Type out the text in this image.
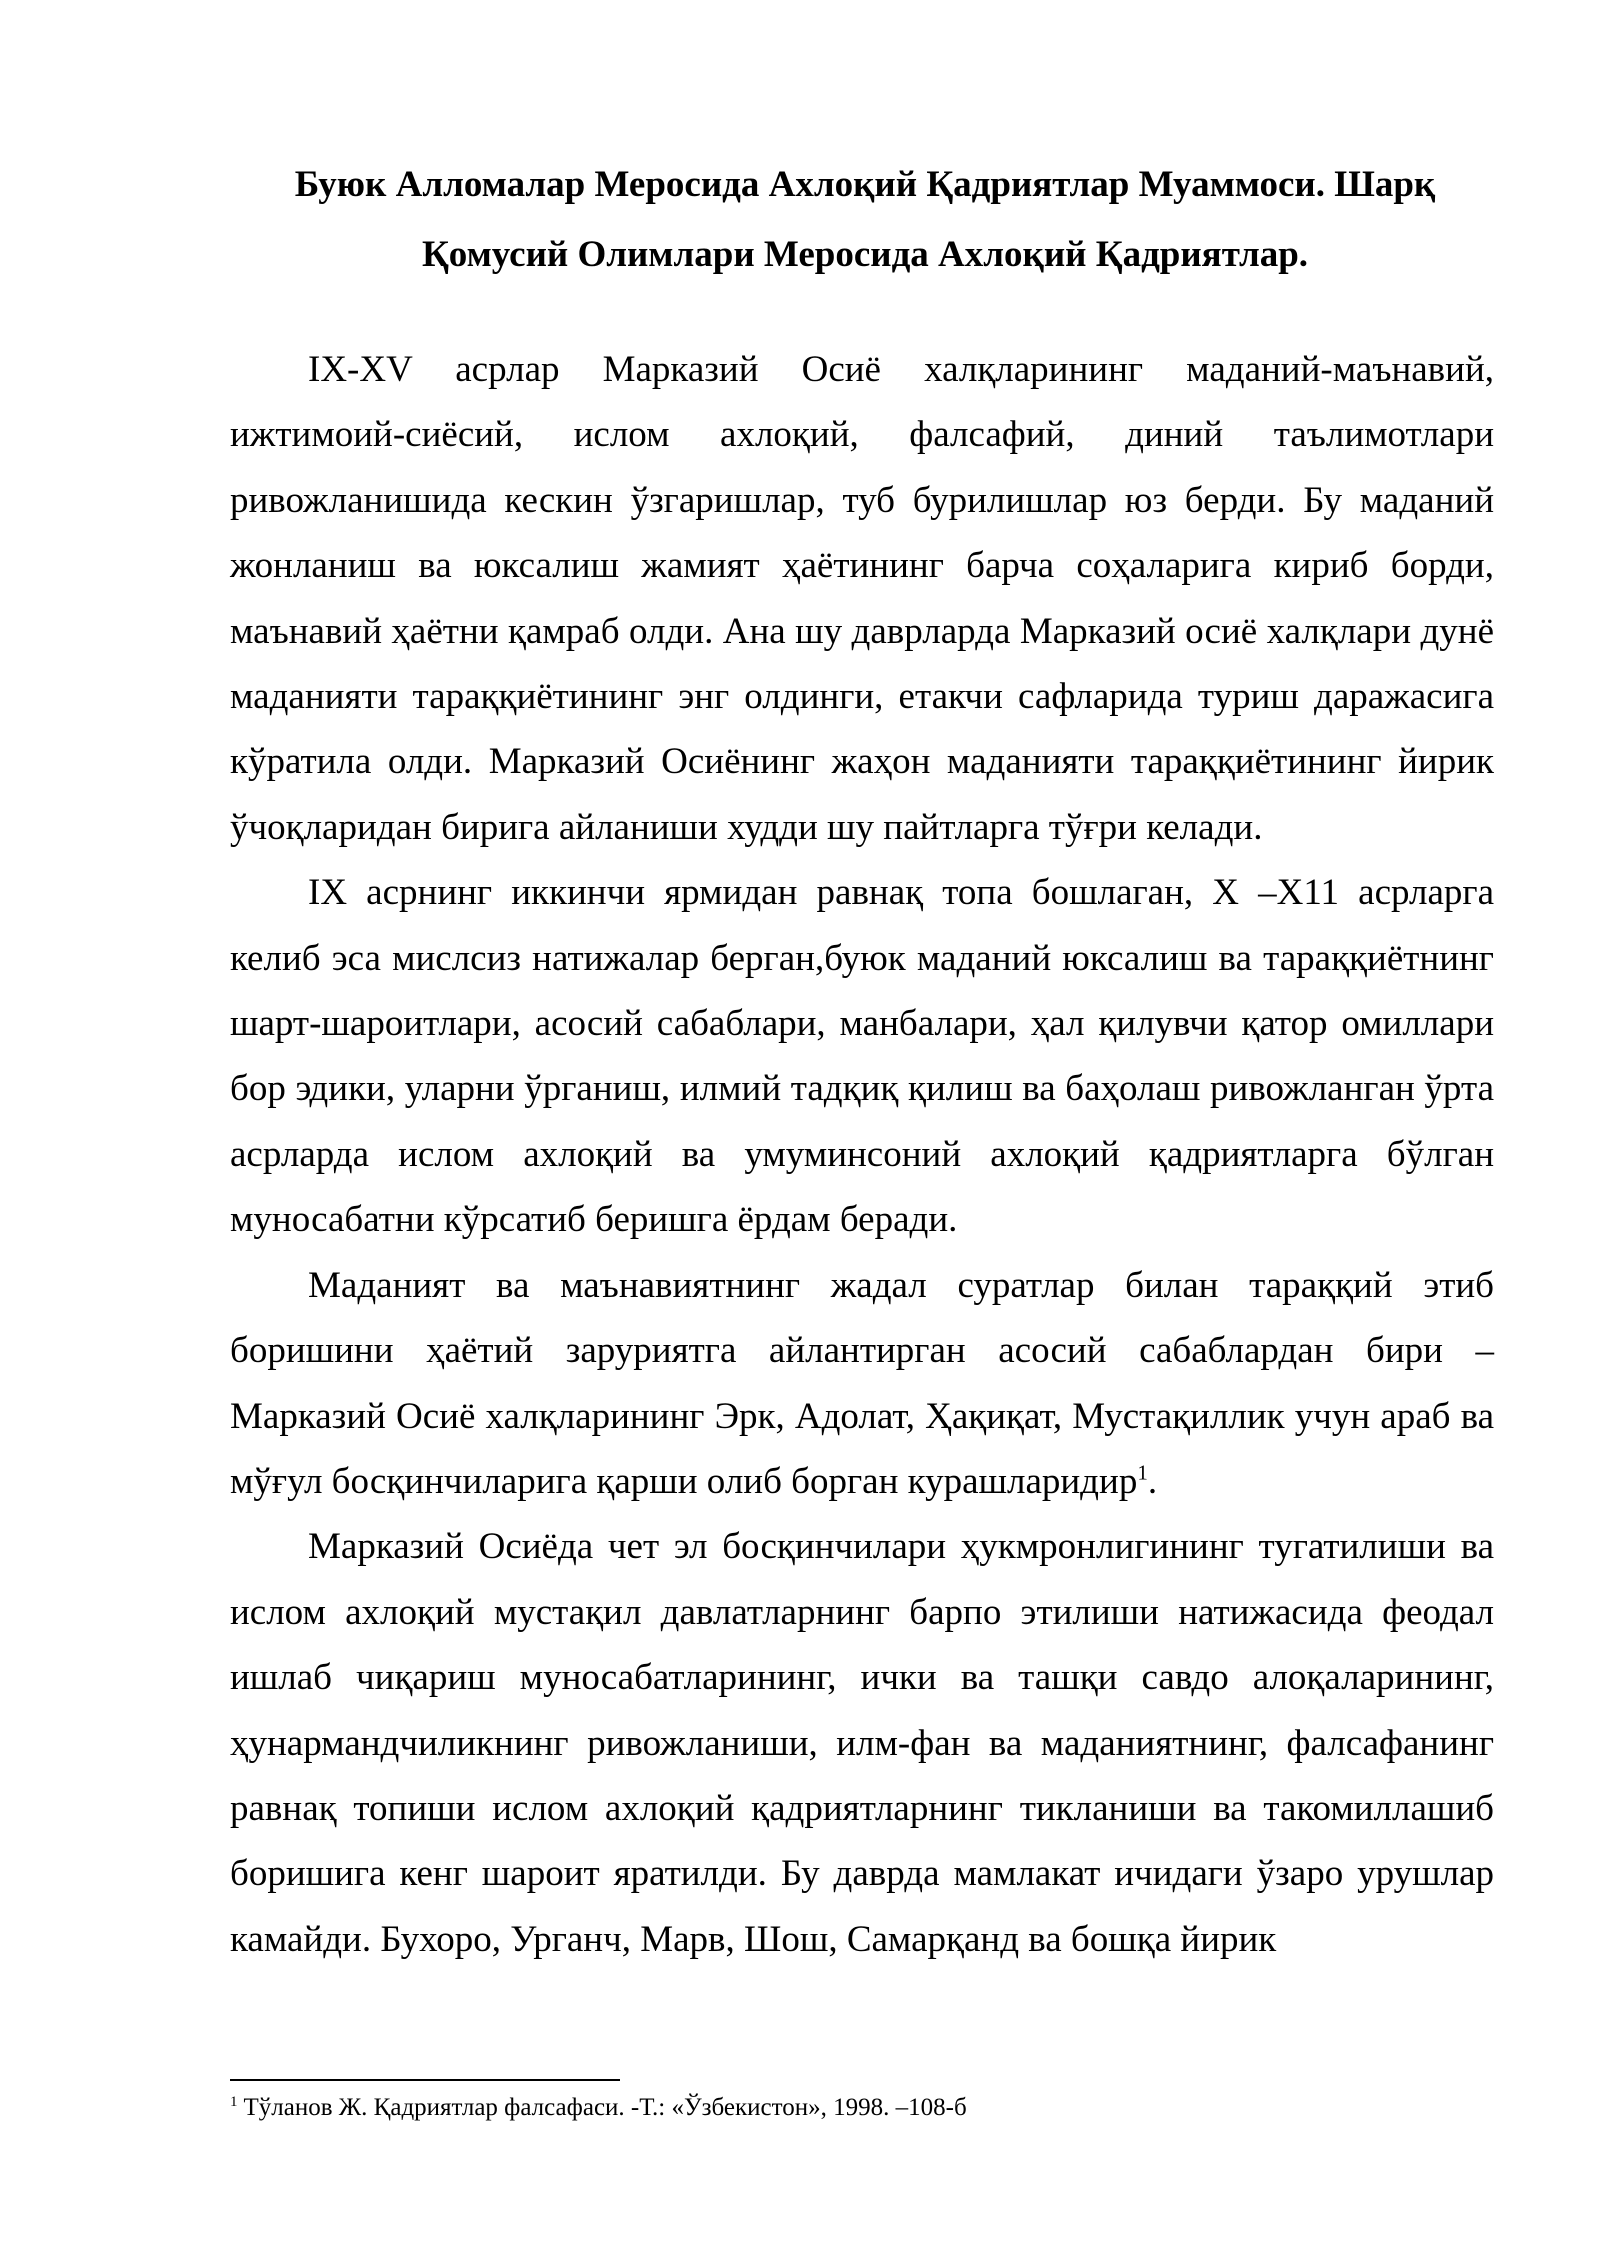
Буюк Алломалар Меросида Ахлоқий Қадриятлар Муаммоси. Шарқ
Қомусий Олимлари Меросида Ахлоқий Қадриятлар.

IX-XV асрлар Марказий Осиё халқларининг маданий-маънавий, ижтимоий-сиёсий, ислом ахлоқий, фалсафий, диний таълимотлари ривожланишида кескин ўзгаришлар, туб бурилишлар юз берди. Бу маданий жонланиш ва юксалиш жамият ҳаётининг барча соҳаларига кириб борди, маънавий ҳаётни қамраб олди. Ана шу даврларда Марказий осиё халқлари дунё маданияти тараққиётининг энг олдинги, етакчи сафларида туриш даражасига кўратила олди. Марказий Осиёнинг жаҳон маданияти тараққиётининг йирик ўчоқларидан бирига айланиши худди шу пайтларга тўғри келади.

IX асрнинг иккинчи ярмидан равнақ топа бошлаган, X –X11 асрларга келиб эса мислсиз натижалар берган,буюк маданий юксалиш ва тараққиётнинг шарт-шароитлари, асосий сабаблари, манбалари, ҳал қилувчи қатор омиллари бор эдики, уларни ўрганиш, илмий тадқиқ қилиш ва баҳолаш ривожланган ўрта асрларда ислом ахлоқий ва умуминсоний ахлоқий қадриятларга бўлган муносабатни кўрсатиб беришга ёрдам беради.

Маданият ва маънавиятнинг жадал суратлар билан тараққий этиб боришини ҳаётий заруриятга айлантирган асосий сабаблардан бири – Марказий Осиё халқларининг Эрк, Адолат, Ҳақиқат, Мустақиллик учун араб ва мўғул босқинчиларига қарши олиб борган курашларидир$^1$.

Марказий Осиёда чет эл босқинчилари ҳукмронлигининг тугатилиши ва ислом ахлоқий мустақил давлатларнинг барпо этилиши натижасида феодал ишлаб чиқариш муносабатларининг, ички ва ташқи савдо алоқаларининг, ҳунармандчиликнинг ривожланиши, илм-фан ва маданиятнинг, фалсафанинг равнақ топиши ислом ахлоқий қадриятларнинг тикланиши ва такомиллашиб боришига кенг шароит яратилди. Бу даврда мамлакат ичидаги ўзаро урушлар камайди. Бухоро, Урганч, Марв, Шош, Самарқанд ва бошқа йирик

$^1$ Тўланов Ж. Қадриятлар фалсафаси. -Т.: «Ўзбекистон», 1998. –108-б
